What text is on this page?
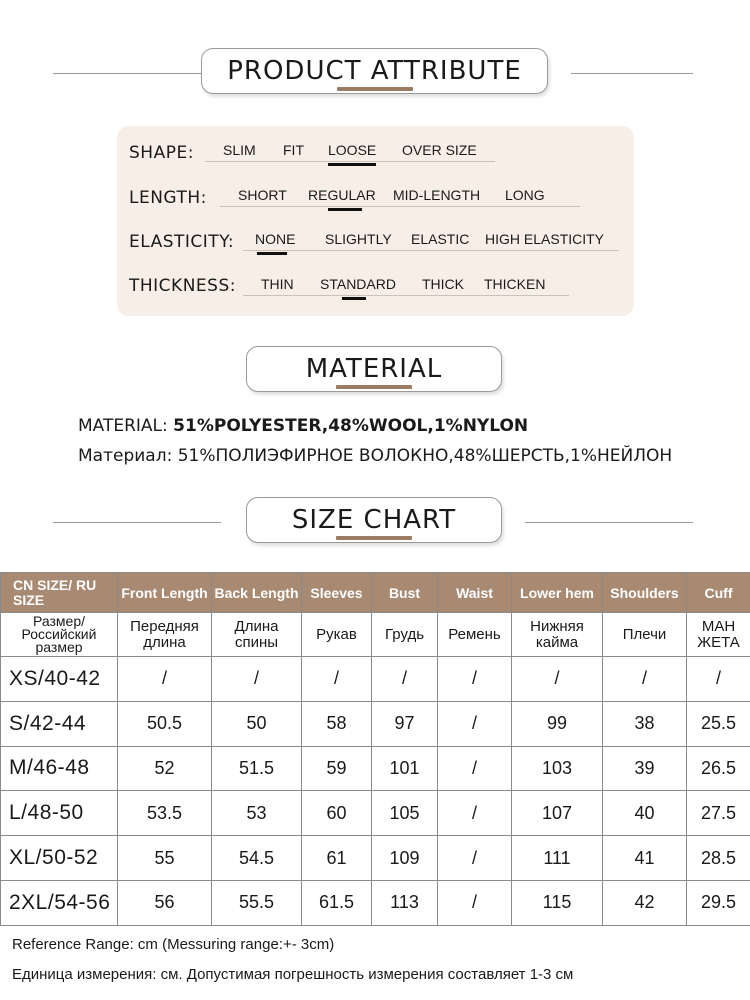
PRODUCT ATTRIBUTE
SHAPE: SLIM FIT LOOSE OVER SIZE
LENGTH: SHORT REGULAR MID-LENGTH LONG
ELASTICITY: NONE SLIGHTLY ELASTIC HIGH ELASTICITY
THICKNESS: THIN STANDARD THICK THICKEN
MATERIAL
MATERIAL: 51%POLYESTER,48%WOOL,1%NYLON
Материал: 51%ПОЛИЭФИРНОЕ ВОЛОКНО,48%ШЕРСТЬ,1%НЕЙЛОН
SIZE CHART
CN SIZE/ RU SIZE	Front Length	Back Length	Sleeves	Bust	Waist	Lower hem	Shoulders	Cuff
Размер/ Российский размер	Передняя длина	Длина спины	Рукав	Грудь	Ремень	Нижняя кайма	Плечи	МАН ЖЕТА
XS/40-42	/	/	/	/	/	/	/	/
S/42-44	50.5	50	58	97	/	99	38	25.5
M/46-48	52	51.5	59	101	/	103	39	26.5
L/48-50	53.5	53	60	105	/	107	40	27.5
XL/50-52	55	54.5	61	109	/	111	41	28.5
2XL/54-56	56	55.5	61.5	113	/	115	42	29.5
Reference Range: cm (Messuring range:+- 3cm)
Единица измерения: см. Допустимая погрешность измерения составляет 1-3 см
